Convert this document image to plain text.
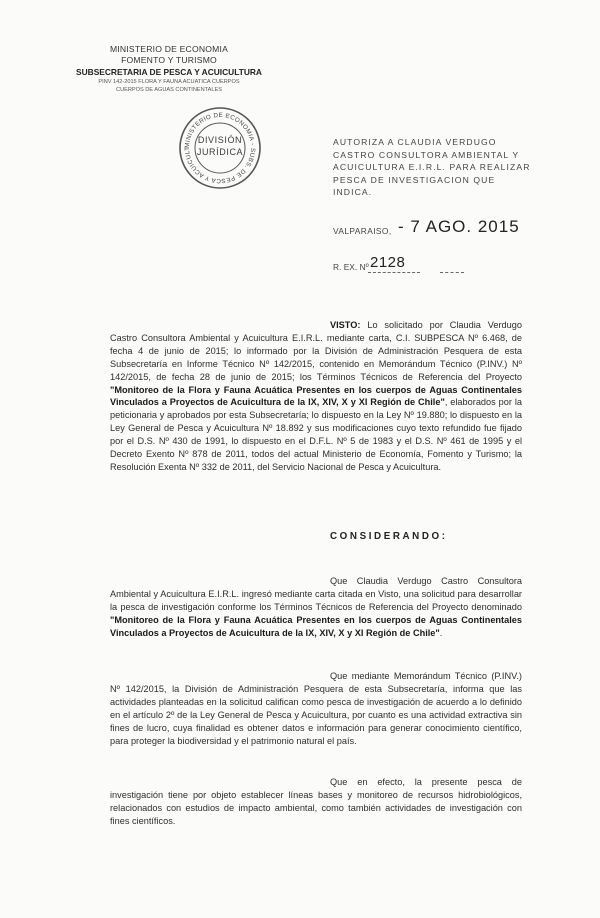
MINISTERIO DE ECONOMIA
FOMENTO Y TURISMO
SUBSECRETARIA DE PESCA Y ACUICULTURA
PINV 142-2015 FLORA Y FAUNA ACUATICA CUERPOS
CUERPOS DE AGUAS CONTINENTALES
MINISTERIO DE ECONOMIA - SUBS. DE PESCA Y ACUICULT
DIVISIÓN
JURÍDICA
AUTORIZA A CLAUDIA VERDUGO CASTRO CONSULTORA AMBIENTAL Y ACUICULTURA E.I.R.L. PARA REALIZAR PESCA DE INVESTIGACION QUE INDICA.
VALPARAISO, - 7 AGO. 2015
R. EX. Nº 2128
VISTO: Lo solicitado por Claudia Verdugo Castro Consultora Ambiental y Acuicultura E.I.R.L. mediante carta, C.I. SUBPESCA Nº 6.468, de fecha 4 de junio de 2015; lo informado por la División de Administración Pesquera de esta Subsecretaría en Informe Técnico Nº 142/2015, contenido en Memorándum Técnico (P.INV.) Nº 142/2015, de fecha 28 de junio de 2015; los Términos Técnicos de Referencia del Proyecto "Monitoreo de la Flora y Fauna Acuática Presentes en los cuerpos de Aguas Continentales Vinculados a Proyectos de Acuicultura de la IX, XIV, X y XI Región de Chile", elaborados por la peticionaria y aprobados por esta Subsecretaría; lo dispuesto en la Ley Nº 19.880; lo dispuesto en la Ley General de Pesca y Acuicultura Nº 18.892 y sus modificaciones cuyo texto refundido fue fijado por el D.S. Nº 430 de 1991, lo dispuesto en el D.F.L. Nº 5 de 1983 y el D.S. Nº 461 de 1995 y el Decreto Exento Nº 878 de 2011, todos del actual Ministerio de Economía, Fomento y Turismo; la Resolución Exenta Nº 332 de 2011, del Servicio Nacional de Pesca y Acuicultura.
CONSIDERANDO:
Que Claudia Verdugo Castro Consultora Ambiental y Acuicultura E.I.R.L. ingresó mediante carta citada en Visto, una solicitud para desarrollar la pesca de investigación conforme los Términos Técnicos de Referencia del Proyecto denominado "Monitoreo de la Flora y Fauna Acuática Presentes en los cuerpos de Aguas Continentales Vinculados a Proyectos de Acuicultura de la IX, XIV, X y XI Región de Chile".
Que mediante Memorándum Técnico (P.INV.) Nº 142/2015, la División de Administración Pesquera de esta Subsecretaría, informa que las actividades planteadas en la solicitud califican como pesca de investigación de acuerdo a lo definido en el artículo 2º de la Ley General de Pesca y Acuicultura, por cuanto es una actividad extractiva sin fines de lucro, cuya finalidad es obtener datos e información para generar conocimiento científico, para proteger la biodiversidad y el patrimonio natural el país.
Que en efecto, la presente pesca de investigación tiene por objeto establecer líneas bases y monitoreo de recursos hidrobiológicos, relacionados con estudios de impacto ambiental, como también actividades de investigación con fines científicos.
